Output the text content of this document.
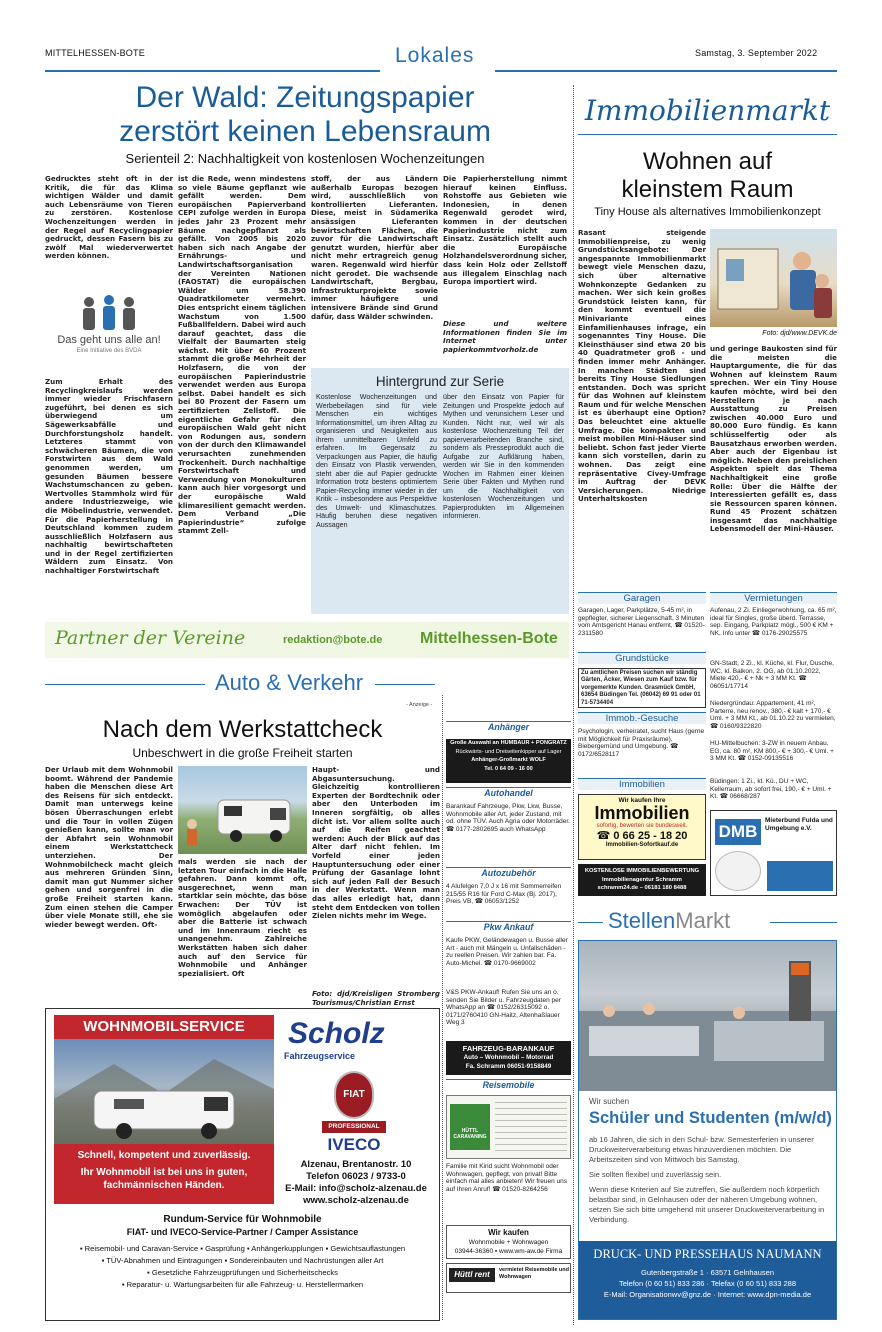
MITTELHESSEN-BOTE	Lokales	Samstag, 3. September 2022
Der Wald: Zeitungspapier
zerstört keinen Lebensraum
Serienteil 2: Nachhaltigkeit von kostenlosen Wochenzeitungen
Gedrucktes steht oft in der Kritik, die für das Klima wichtigen Wälder und damit auch Lebensräume von Tieren zu zerstören. Kostenlose Wochenzeitungen werden in der Regel auf Recyclingpapier gedruckt, dessen Fasern bis zu zwölf Mal wiederverwertet werden können.
Das geht uns alle an!
Eine Initiative des BVDA
Zum Erhalt des Recyclingkreislaufs werden immer wieder Frischfasern zugeführt, bei denen es sich überwiegend um Sägewerksabfälle und Durchforstungsholz handelt. Letzteres stammt von schwächeren Bäumen, die von Forstwirten aus dem Wald genommen werden, um gesunden Bäumen bessere Wachstumschancen zu geben. Wertvolles Stammholz wird für andere Industriezweige, wie die Möbelindustrie, verwendet. Für die Papierherstellung in Deutschland kommen zudem ausschließlich Holzfasern aus nachhaltig bewirtschafteten und in der Regel zertifizierten Wäldern zum Einsatz. Von nachhaltiger Forstwirtschaft
ist die Rede, wenn mindestens so viele Bäume gepflanzt wie gefällt werden. Dem europäischen Papierverband CEPI zufolge werden in Europa jedes Jahr 23 Prozent mehr Bäume nachgepflanzt als gefällt. Von 2005 bis 2020 haben sich nach Angabe der Ernährungs- und Landwirtschaftsorganisation der Vereinten Nationen (FAOSTAT) die europäischen Wälder um 58.390 Quadratkilometer vermehrt. Dies entspricht einem täglichen Wachstum von 1.500 Fußballfeldern. Dabei wird auch darauf geachtet, dass die Vielfalt der Baumarten steig wächst. Mit über 60 Prozent stammt die große Mehrheit der Holzfasern, die von der europäischen Papierindustrie verwendet werden aus Europa selbst. Dabei handelt es sich bei 80 Prozent der Fasern um zertifizierten Zellstoff. Die eigentliche Gefahr für den europäischen Wald geht nicht von Rodungen aus, sondern von der durch den Klimawandel verursachten zunehmenden Trockenheit. Durch nachhaltige Forstwirtschaft und Verwendung von Monokulturen kann auch hier vorgesorgt und der europäische Wald klimaresilient gemacht werden. Dem Verband „Die Papierindustrie“ zufolge stammt Zell-
stoff, der aus Ländern außerhalb Europas bezogen wird, ausschließlich von kontrollierten Lieferanten. Diese, meist in Südamerika ansässigen Lieferanten bewirtschaften Flächen, die zuvor für die Landwirtschaft genutzt wurden, hierfür aber nicht mehr ertragreich genug waren. Regenwald wird hierfür nicht gerodet. Die wachsende Landwirtschaft, Bergbau, Infrastrukturprojekte sowie immer häufigere und intensivere Brände sind Grund dafür, dass Wälder schwinden.
Die Papierherstellung nimmt hierauf keinen Einfluss. Rohstoffe aus Gebieten wie Indonesien, in denen Regenwald gerodet wird, kommen in der deutschen Papierindustrie nicht zum Einsatz. Zusätzlich stellt auch die Europäische Holzhandelsverordnung sicher, dass kein Holz oder Zellstoff aus illegalem Einschlag nach Europa importiert wird.
Diese und weitere Informationen finden Sie im Internet unter papierkommtvorholz.de
Hintergrund zur Serie
Kostenlose Wochenzeitungen und Werbebeilagen sind für viele Menschen ein wichtiges Informationsmittel, um ihren Alltag zu organisieren und Neuigkeiten aus ihrem unmittelbaren Umfeld zu erfahren. Im Gegensatz zu Verpackungen aus Papier, die häufig den Einsatz von Plastik verwenden, steht aber die auf Papier gedruckte Information trotz bestens optimiertem Papier-Recycling immer wieder in der Kritik – insbesondere aus Perspektive des Umwelt- und Klimaschutzes. Häufig beruhen diese negativen Aussagen
über den Einsatz von Papier für Zeitungen und Prospekte jedoch auf Mythen und verunsichern Leser und Kunden. Nicht nur, weil wir als kostenlose Wochenzeitung Teil der papierverarbeitenden Branche sind, sondern als Presseprodukt auch die Aufgabe zur Aufklärung haben, werden wir Sie in den kommenden Wochen im Rahmen einer kleinen Serie über Fakten und Mythen rund um die Nachhaltigkeit von kostenlosen Wochenzeitungen und Papierprodukten im Allgemeinen informieren.
Partner der Vereine	redaktion@bote.de Mittelhessen-Bote
Auto & Verkehr
- Anzeige -
Nach dem Werkstattcheck
Unbeschwert in die große Freiheit starten
Der Urlaub mit dem Wohnmobil boomt. Während der Pandemie haben die Menschen diese Art des Reisens für sich entdeckt. Damit man unterwegs keine bösen Überraschungen erlebt und die Tour in vollen Zügen genießen kann, sollte man vor der Abfahrt sein Wohnmobil einem Werkstattcheck unterziehen. Der Wohnmobilcheck macht gleich aus mehreren Gründen Sinn, damit man gut Nummer sicher gehen und sorgenfrei in die große Freiheit starten kann. Zum einen stehen die Camper über viele Monate still, ehe sie wieder bewegt werden. Oft-
mals werden sie nach der letzten Tour einfach in die Halle gefahren. Dann kommt oft, ausgerechnet, wenn man startklar sein möchte, das böse Erwachen: Der TÜV ist womöglich abgelaufen oder aber die Batterie ist schwach und im Innenraum riecht es unangenehm. Zahlreiche Werkstätten haben sich daher auch auf den Service für Wohnmobile und Anhänger spezialisiert. Oft
Haupt- und Abgasuntersuchung. Gleichzeitig kontrollieren Experten der Bordtechnik oder aber den Unterboden im Inneren sorgfältig, ob alles dicht ist. Vor allem sollte auch auf die Reifen geachtet werden: Auch der Blick auf das Alter darf nicht fehlen. Im Vorfeld einer jeden Hauptuntersuchung oder einer Prüfung der Gasanlage lohnt sich auf jeden Fall der Besuch in der Werkstatt. Wenn man das alles erledigt hat, dann steht dem Entdecken von tollen Zielen nichts mehr im Wege.
Foto: djd/Kreisligen Stromberg Tourismus/Christian Ernst
WOHNMOBILSERVICE
Schnell, kompetent und zuverlässig.
Ihr Wohnmobil ist bei uns in guten, fachmännischen Händen.
Scholz
Fahrzeugservice
FIAT
PROFESSIONAL
IVECO
Alzenau, Brentanostr. 10
Telefon 06023 / 9733-0
E-Mail: info@scholz-alzenau.de
www.scholz-alzenau.de
Rundum-Service für Wohnmobile
FIAT- und IVECO-Service-Partner / Camper Assistance
▪ Reisemobil- und Caravan-Service ▪ Gasprüfung ▪ Anhängerkupplungen ▪ Gewichtsauflastungen
▪ TÜV-Abnahmen und Eintragungen ▪ Sondereinbauten und Nachrüstungen aller Art
▪ Gesetzliche Fahrzeugprüfungen und Sicherheitschecks
▪ Reparatur- u. Wartungsarbeiten für alle Fahrzeug- u. Herstellermarken
Anhänger
Große Auswahl an HUMBAUR + PONGRATZ
Rückwärts- und Dreiseitenkipper auf Lager
Anhänger-Großmarkt WOLF
Tel. 0 64 09 - 16 00
Autohandel
Barankauf Fahrzeuge, Pkw, Lkw, Busse, Wohnmobile aller Art, jeder Zustand, mit od. ohne TÜV. Auch Agria oder Motorräder. ☎ 0177-2802695 auch WhatsApp
Autozubehör
4 Alufelgen 7,0 J x 16 mit Sommerreifen 215/55 R16 für Ford C-Max (Bj. 2017), Preis VB, ☎ 06053/1252
Pkw Ankauf
Kaufe PKW, Geländewagen u. Busse aller Art - auch mit Mängeln u. Unfallschäden - zu reellen Preisen. Wir zahlen bar. Fa. Auto-Michel. ☎ 0170-9669002
V&S PKW-Ankauf! Rufen Sie uns an o. senden Sie Bilder u. Fahrzeugdaten per WhatsApp an ☎ 0152/26315092 o. 0171/2760410 GN-Haitz, Altenhaßlauer Weg 3
FAHRZEUG-BARANKAUF
Auto – Wohnmobil – Motorrad
Fa. Schramm 06051-9158849
Reisemobile
HÜTTL CARAVANING
Familie mit Kind sucht Wohnmobil oder Wohnwagen, gepflegt, von privat! Bitte einfach mal alles anbieten! Wir freuen uns auf Ihren Anruf! ☎ 01520-8264256
Wir kaufen
Wohnmobile + Wohnwagen
03944-36360 ▪ www.wm-aw.de Firma
Hüttl rent	vermietet Reisemobile und Wohnwagen
Immobilienmarkt
Wohnen auf
kleinstem Raum
Tiny House als alternatives Immobilienkonzept
Rasant steigende Immobilienpreise, zu wenig Grundstücksangebote: Der angespannte Immobilienmarkt bewegt viele Menschen dazu, sich über alternative Wohnkonzepte Gedanken zu machen. Wer sich kein großes Grundstück leisten kann, für den kommt eventuell die Minivariante eines Einfamilienhauses infrage, ein sogenanntes Tiny House. Die Kleinsthäuser sind etwa 20 bis 40 Quadratmeter groß - und finden immer mehr Anhänger. In manchen Städten sind bereits Tiny House Siedlungen entstanden. Doch was spricht für das Wohnen auf kleinstem Raum und für welche Menschen ist es überhaupt eine Option? Das beleuchtet eine aktuelle Umfrage. Die kompakten und meist mobilen Mini-Häuser sind beliebt. Schon fast jeder Vierte kann sich vorstellen, darin zu wohnen. Das zeigt eine repräsentative Civey-Umfrage im Auftrag der DEVK Versicherungen. Niedrige Unterhaltskosten
Foto: djd/www.DEVK.de
und geringe Baukosten sind für die meisten die Hauptargumente, die für das Wohnen auf kleinstem Raum sprechen. Wer ein Tiny House kaufen möchte, wird bei den Herstellern je nach Ausstattung zu Preisen zwischen 40.000 Euro und 80.000 Euro fündig. Es kann schlüsselfertig oder als Bausatzhaus erworben werden. Aber auch der Eigenbau ist möglich. Neben den preislichen Aspekten spielt das Thema Nachhaltigkeit eine große Rolle: Über die Hälfte der Interessierten gefällt es, dass sie Ressourcen sparen können. Rund 45 Prozent schätzen insgesamt das nachhaltige Lebensmodell der Mini-Häuser.
Garagen
Garagen, Lager, Parkplätze, 5-45 m², in gepflegter, sicherer Liegenschaft, 3 Minuten vom Amtsgericht Hanau entfernt, ☎ 01520-2311580
Grundstücke
Zu amtlichen Preisen suchen wir ständig Gärten, Äcker, Wiesen zum Kauf bzw. für vorgemerkte Kunden. Grasmück GmbH, 63654 Büdingen Tel. (06042) 69 91 oder 01 71-5734404
Immob.-Gesuche
Psychologin, verheiratet, sucht Haus (gerne mit Möglichkeit für Praxisräume), Biebergemünd und Umgebung. ☎ 0172/6528117
Immobilien
Wir kaufen Ihre
Immobilien
sofortig, bewerten sie bundesweit.
☎ 0 66 25 - 18 20
Immobilien-Sofortkauf.de
KOSTENLOSE IMMOBILIENBEWERTUNG
Immobilienagentur Schramm
schramm24.de – 06181 180 8488
Vermietungen
Aufenau, 2 Zi. Einliegerwohnung, ca. 65 m², ideal für Singles, große überd. Terrasse, sep. Eingang, Parkplatz mögl., 500 € KM + NK, Info unter ☎ 0176-29025575
GN-Stadt, 2 Zi., kl. Küche, kl. Flur, Dusche, WC, kl. Balkon, 2. OG, ab 01.10.2022, Miete 420,- € + Nk + 3 MM Kt. ☎ 06051/17714
Niedergründau: Appartement, 41 m², Parterre, neu renov., 380,- € kalt + 170,- € Uml. + 3 MM Kt., ab 01.10.22 zu vermieten, ☎ 0160/9322820
HU-Mittelbuchen: 3-ZW in neuem Anbau, EG, ca. 80 m², KM 800,- € + 300,- € Uml. + 3 MM Kt. ☎ 0152-09135516
Büdingen: 1 Zi., kl. Kü., DU + WC, Kellerraum, ab sofort frei, 190,- € + Uml. + Kt. ☎ 06668/287
DMB
Mieterbund Fulda und Umgebung e.V.
StellenMarkt
Wir suchen
Schüler und Studenten (m/w/d)
ab 16 Jahren, die sich in den Schul- bzw. Semesterferien in unserer Druckweiterverarbeitung etwas hinzuverdienen möchten. Die Arbeitszeiten sind von Mittwoch bis Samstag.
Sie sollten flexibel und zuverlässig sein.
Wenn diese Kriterien auf Sie zutreffen, Sie außerdem noch körperlich belastbar sind, in Gelnhausen oder der näheren Umgebung wohnen, setzen Sie sich bitte umgehend mit unserer Druckweiterverarbeitung in Verbindung.
DRUCK- UND PRESSEHAUS NAUMANN
Gutenbergstraße 1 · 63571 Gelnhausen
Telefon (0 60 51) 833 286 · Telefax (0 60 51) 833 288
E-Mail: Organisationwv@gnz.de · Internet: www.dpn-media.de
